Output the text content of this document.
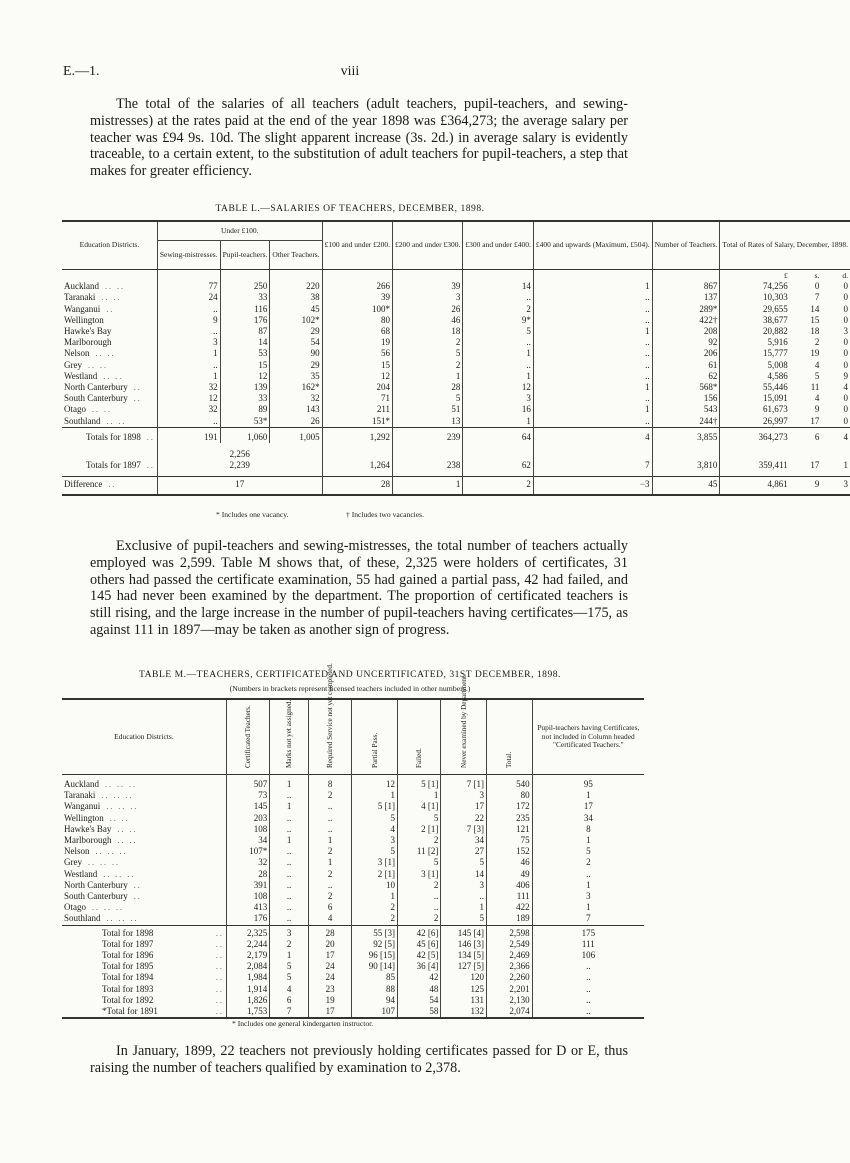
E.—1.	viii

The total of the salaries of all teachers (adult teachers, pupil-teachers, and sewing-mistresses) at the rates paid at the end of the year 1898 was £364,273; the average salary per teacher was £94 9s. 10d. The slight apparent increase (3s. 2d.) in average salary is evidently traceable, to a certain extent, to the substitution of adult teachers for pupil-teachers, a step that makes for greater efficiency.

TABLE L.—SALARIES OF TEACHERS, DECEMBER, 1898.
Education Districts.	Under £100.			£100 and under £200.	£200 and under £300.	£300 and under £400.	£400 and upwards (Maximum, £504).	Number of Teachers.	Total of Rates of Salary, December, 1898.		
	Sewing-mistresses.	Pupil-teachers.	Other Teachers.								
									£	s.	d.
Auckland .. ..	77	250	220	266	39	14	1	867	74,256	0	0
Taranaki .. ..	24	33	38	39	3	..	..	137	10,303	7	0
Wanganui ..	..	116	45	100*	26	2	..	289*	29,655	14	0
Wellington	9	176	102*	80	46	9*	..	422†	38,677	15	0
Hawke's Bay	..	87	29	68	18	5	1	208	20,882	18	3
Marlborough	3	14	54	19	2	..	..	92	5,916	2	0
Nelson .. ..	1	53	90	56	5	1	..	206	15,777	19	0
Grey .. ..	..	15	29	15	2	..	..	61	5,008	4	0
Westland .. ..	1	12	35	12	1	1	..	62	4,586	5	9
North Canterbury ..	32	139	162*	204	28	12	1	568*	55,446	11	4
South Canterbury ..	12	33	32	71	5	3	..	156	15,091	4	0
Otago .. ..	32	89	143	211	51	16	1	543	61,673	9	0
Southland .. ..	..	53*	26	151*	13	1	..	244†	26,997	17	0
Totals for 1898 ..	191	1,060	1,005	1,292	239	64	4	3,855	364,273	6	4
	2,256										
Totals for 1897 ..	2,239			1,264	238	62	7	3,810	359,411	17	1
Difference ..	17			28	1	2	−3	45	4,861	9	3
* Includes one vacancy.	† Includes two vacancies.

Exclusive of pupil-teachers and sewing-mistresses, the total number of teachers actually employed was 2,599. Table M shows that, of these, 2,325 were holders of certificates, 31 others had passed the certificate examination, 55 had gained a partial pass, 42 had failed, and 145 had never been examined by the department. The proportion of certificated teachers is still rising, and the large increase in the number of pupil-teachers having certificates—175, as against 111 in 1897—may be taken as another sign of progress.

TABLE M.—TEACHERS, CERTIFICATED AND UNCERTIFICATED, 31ST DECEMBER, 1898.
(Numbers in brackets represent licensed teachers included in other numbers.)
Education Districts.	Certificated Teachers.	Marks not yet assigned.	Required Service not yet completed.	Partial Pass.	Failed.	Never examined by Department.	Total.	Pupil-teachers having Certificates, not included in Column headed "Certificated Teachers."
Auckland .. .. ..	507	1	8	12	5 [1]	7 [1]	540	95
Taranaki .. .. ..	73	..	2	1	1	3	80	1
Wanganui .. .. ..	145	1	..	5 [1]	4 [1]	17	172	17
Wellington .. ..	203	..	..	5	5	22	235	34
Hawke's Bay .. ..	108	..	..	4	2 [1]	7 [3]	121	8
Marlborough .. ..	34	1	1	3	2	34	75	1
Nelson .. .. ..	107*	..	2	5	11 [2]	27	152	5
Grey .. .. ..	32	..	1	3 [1]	5	5	46	2
Westland .. .. ..	28	..	2	2 [1]	3 [1]	14	49	..
North Canterbury ..	391	..	..	10	2	3	406	1
South Canterbury ..	108	..	2	1	..	..	111	3
Otago .. .. ..	413	..	6	2	..	1	422	1
Southland .. .. ..	176	..	4	2	2	5	189	7
Total for 1898 ..	2,325	3	28	55 [3]	42 [6]	145 [4]	2,598	175
Total for 1897 ..	2,244	2	20	92 [5]	45 [6]	146 [3]	2,549	111
Total for 1896 ..	2,179	1	17	96 [15]	42 [5]	134 [5]	2,469	106
Total for 1895 ..	2,084	5	24	90 [14]	36 [4]	127 [5]	2,366	..
Total for 1894 ..	1,984	5	24	85	42	120	2,260	..
Total for 1893 ..	1,914	4	23	88	48	125	2,201	..
Total for 1892 ..	1,826	6	19	94	54	131	2,130	..
*Total for 1891 ..	1,753	7	17	107	58	132	2,074	..
* Includes one general kindergarten instructor.

In January, 1899, 22 teachers not previously holding certificates passed for D or E, thus raising the number of teachers qualified by examination to 2,378.
